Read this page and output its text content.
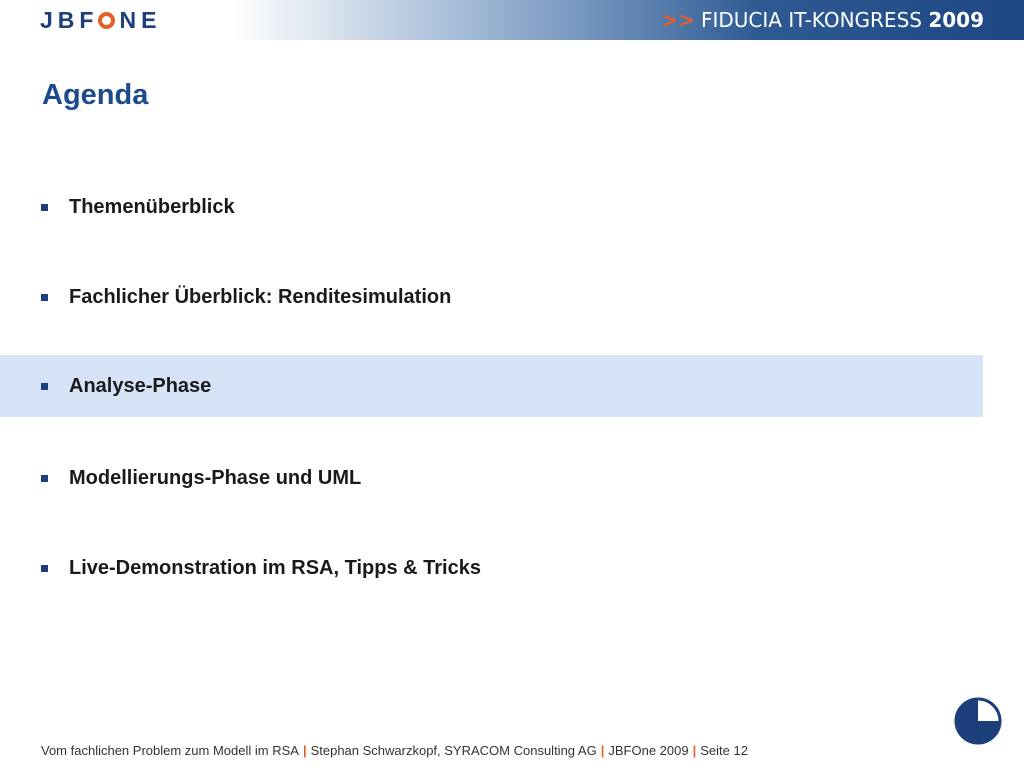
JBF NE	>> FIDUCIA IT-KONGRESS 2009
Agenda
Themenüberblick
Fachlicher Überblick: Renditesimulation
Analyse-Phase
Modellierungs-Phase und UML
Live-Demonstration im RSA, Tipps & Tricks
Vom fachlichen Problem zum Modell im RSA | Stephan Schwarzkopf, SYRACOM Consulting AG | JBFOne 2009 | Seite 12
